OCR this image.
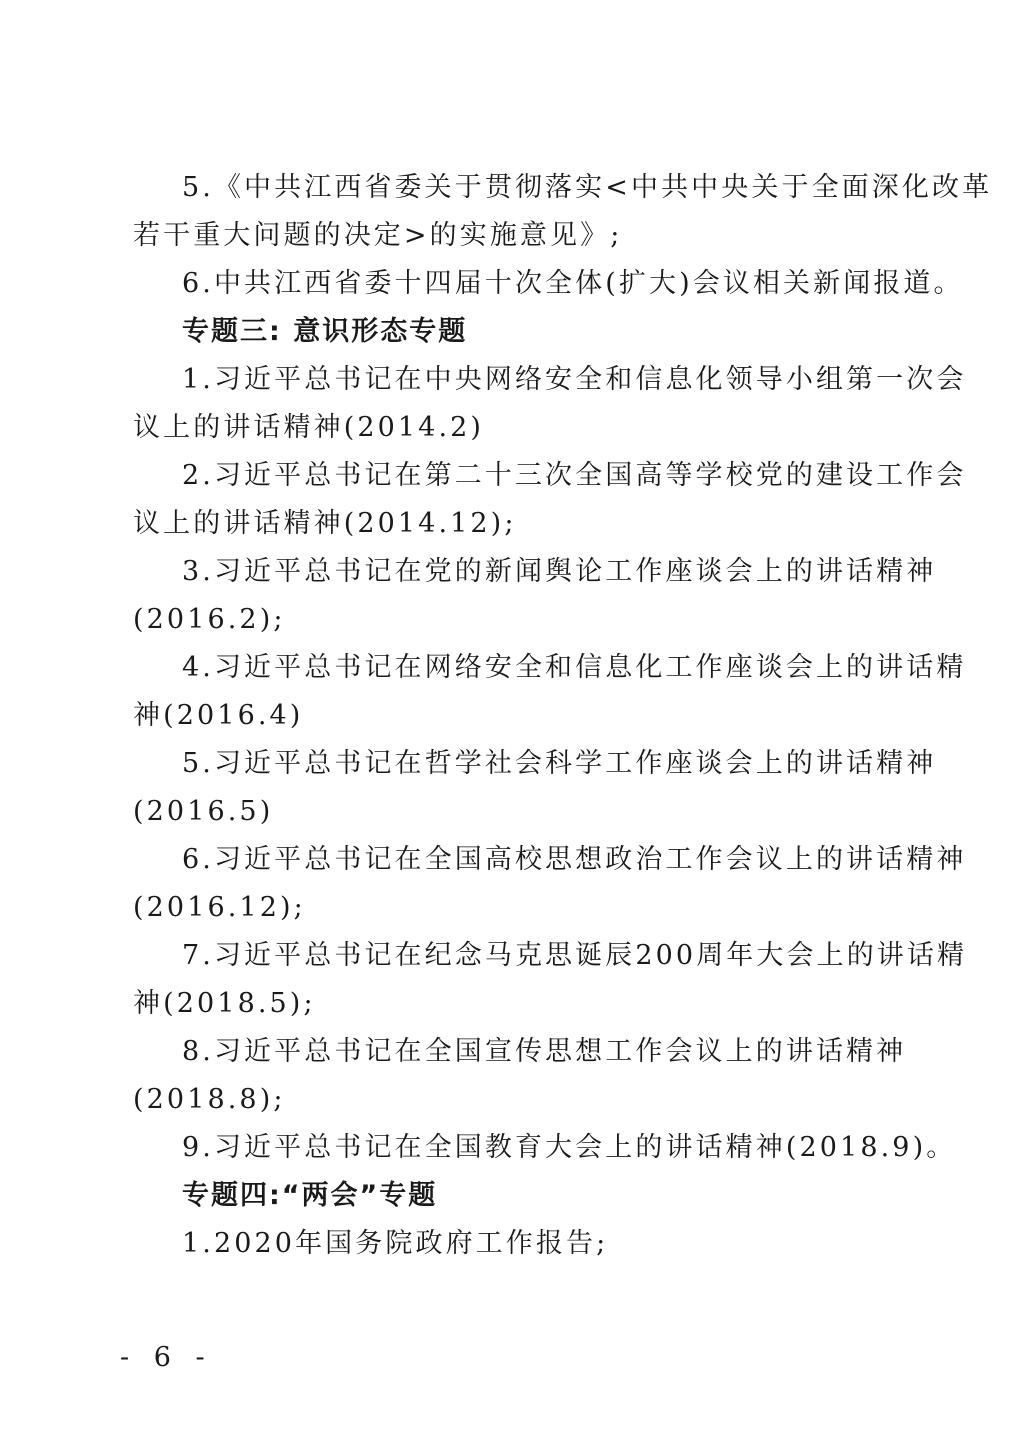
5.《中共江西省委关于贯彻落实<中共中央关于全面深化改革
若干重大问题的决定>的实施意见》;
6.中共江西省委十四届十次全体(扩大)会议相关新闻报道。
专题三: 意识形态专题
1.习近平总书记在中央网络安全和信息化领导小组第一次会
议上的讲话精神(2014.2)
2.习近平总书记在第二十三次全国高等学校党的建设工作会
议上的讲话精神(2014.12);
3.习近平总书记在党的新闻舆论工作座谈会上的讲话精神
(2016.2);
4.习近平总书记在网络安全和信息化工作座谈会上的讲话精
神(2016.4)
5.习近平总书记在哲学社会科学工作座谈会上的讲话精神
(2016.5)
6.习近平总书记在全国高校思想政治工作会议上的讲话精神
(2016.12);
7.习近平总书记在纪念马克思诞辰200周年大会上的讲话精
神(2018.5);
8.习近平总书记在全国宣传思想工作会议上的讲话精神
(2018.8);
9.习近平总书记在全国教育大会上的讲话精神(2018.9)。
专题四:“两会”专题
1.2020年国务院政府工作报告;
- 6 -
